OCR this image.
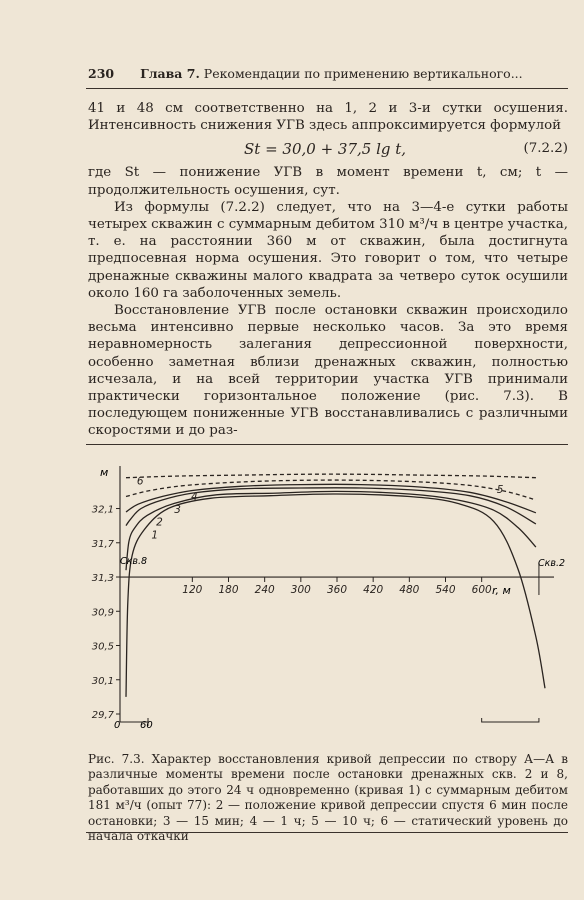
230 Глава 7. Рекомендации по применению вертикального...

41 и 48 см соответственно на 1, 2 и 3-и сутки осушения. Интенсивность снижения УГВ здесь аппроксимируется формулой

St = 30,0 + 37,5 lg t,	(7.2.2)

где St — понижение УГВ в момент времени t, см; t — продолжительность осушения, сут.

Из формулы (7.2.2) следует, что на 3—4-е сутки работы четырех скважин с суммарным дебитом 310 м³/ч в центре участка, т. е. на расстоянии 360 м от скважин, была достигнута предпосевная норма осушения. Это говорит о том, что четыре дренажные скважины малого квадрата за четверо суток осушили около 160 га заболоченных земель.

Восстановление УГВ после остановки скважин происходило весьма интенсивно первые несколько часов. За это время неравномерность залегания депрессионной поверхности, особенно заметная вблизи дренажных скважин, полностью исчезала, и на всей территории участка УГВ принимали практически горизонтальное положение (рис. 7.3). В последующем пониженные УГВ восстанавливались с различными скоростями и до раз-

29,7
30,1
30,5
30,9
31,3
31,7
32,1
120 180 240 300 360 420 480 540 600
1
2
3
4
5
6
м
r, м
Скв.8	Скв.2
0 60

Рис. 7.3. Характер восстановления кривой депрессии по створу А—А в различные моменты времени после остановки дренажных скв. 2 и 8, работавших до этого 24 ч одновременно (кривая 1) с суммарным дебитом 181 м³/ч (опыт 77): 2 — положение кривой депрессии спустя 6 мин после остановки; 3 — 15 мин; 4 — 1 ч; 5 — 10 ч; 6 — статический уровень до начала откачки
